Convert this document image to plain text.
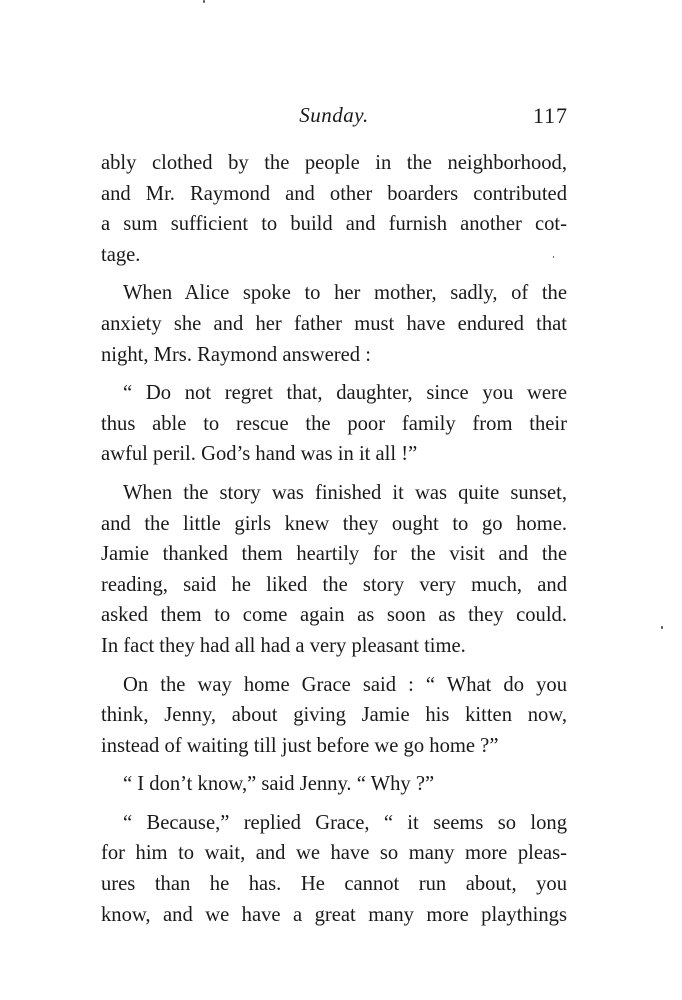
Sunday.	117
ably clothed by the people in the neighborhood,
and Mr. Raymond and other boarders contributed
a sum sufficient to build and furnish another cot-
tage.
When Alice spoke to her mother, sadly, of the
anxiety she and her father must have endured that
night, Mrs. Raymond answered :
“ Do not regret that, daughter, since you were
thus able to rescue the poor family from their
awful peril. God’s hand was in it all !”
When the story was finished it was quite sunset,
and the little girls knew they ought to go home.
Jamie thanked them heartily for the visit and the
reading, said he liked the story very much, and
asked them to come again as soon as they could.
In fact they had all had a very pleasant time.
On the way home Grace said : “ What do you
think, Jenny, about giving Jamie his kitten now,
instead of waiting till just before we go home ?”
“ I don’t know,” said Jenny. “ Why ?”
“ Because,” replied Grace, “ it seems so long
for him to wait, and we have so many more pleas-
ures than he has. He cannot run about, you
know, and we have a great many more playthings
